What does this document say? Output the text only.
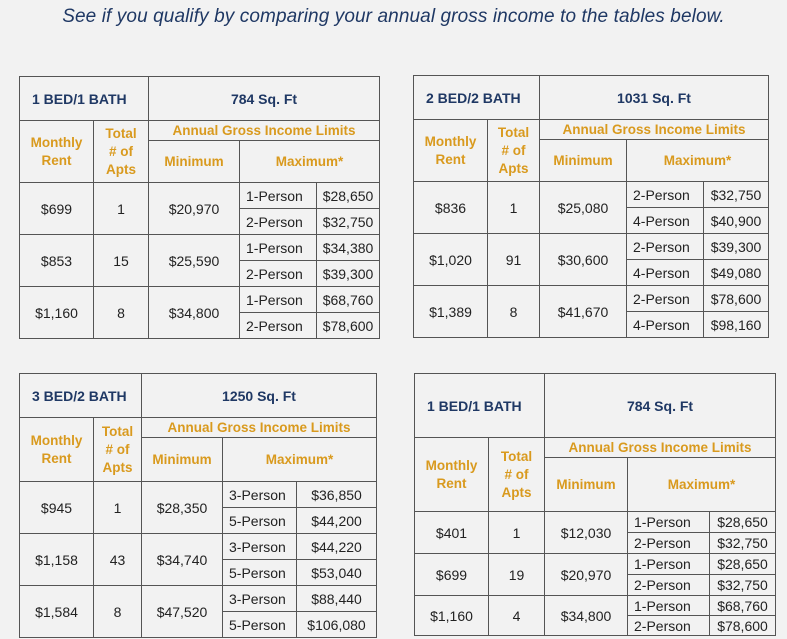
See if you qualify by comparing your annual gross income to the tables below.
1 BED/1 BATH		784 Sq. Ft		
Monthly
Rent	Total
# of
Apts	Annual Gross Income Limits		
		Minimum	Maximum*	
$699	1	$20,970	1-Person	$28,650
			2-Person	$32,750
$853	15	$25,590	1-Person	$34,380
			2-Person	$39,300
$1,160	8	$34,800	1-Person	$68,760
			2-Person	$78,600
2 BED/2 BATH		1031 Sq. Ft		
Monthly
Rent	Total
# of
Apts	Annual Gross Income Limits		
		Minimum	Maximum*	
$836	1	$25,080	2-Person	$32,750
			4-Person	$40,900
$1,020	91	$30,600	2-Person	$39,300
			4-Person	$49,080
$1,389	8	$41,670	2-Person	$78,600
			4-Person	$98,160
3 BED/2 BATH		1250 Sq. Ft		
Monthly
Rent	Total
# of
Apts	Annual Gross Income Limits		
		Minimum	Maximum*	
$945	1	$28,350	3-Person	$36,850
			5-Person	$44,200
$1,158	43	$34,740	3-Person	$44,220
			5-Person	$53,040
$1,584	8	$47,520	3-Person	$88,440
			5-Person	$106,080
1 BED/1 BATH		784 Sq. Ft		
Monthly
Rent	Total
# of
Apts	Annual Gross Income Limits		
		Minimum	Maximum*	
$401	1	$12,030	1-Person	$28,650
			2-Person	$32,750
$699	19	$20,970	1-Person	$28,650
			2-Person	$32,750
$1,160	4	$34,800	1-Person	$68,760
			2-Person	$78,600
